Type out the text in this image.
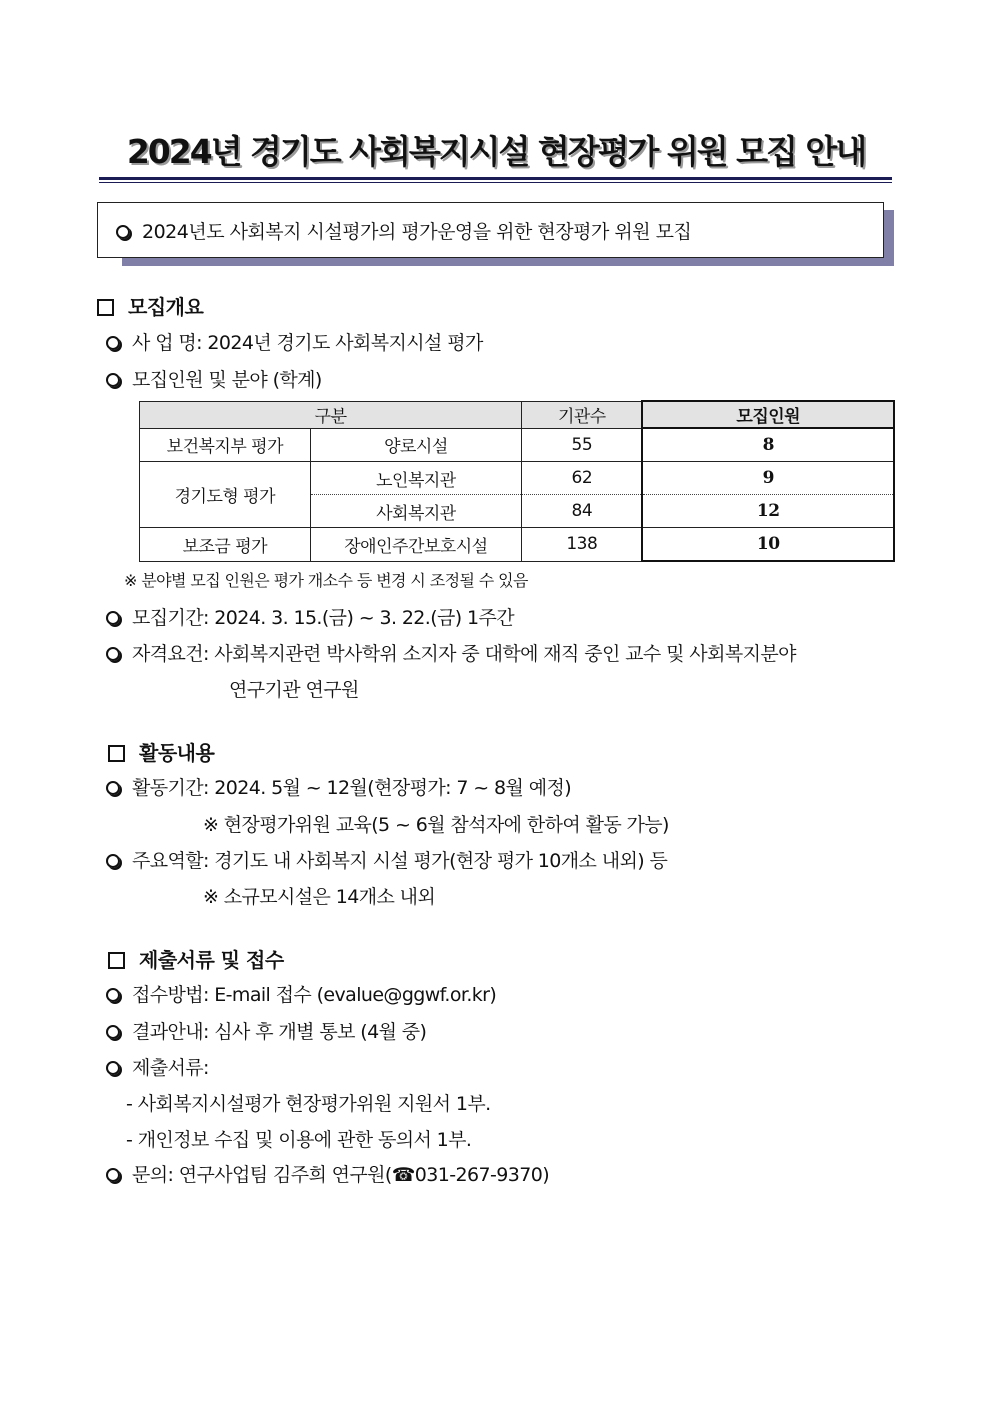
2024년 경기도 사회복지시설 현장평가 위원 모집 안내
2024년도 사회복지 시설평가의 평가운영을 위한 현장평가 위원 모집
모집개요
사 업 명: 2024년 경기도 사회복지시설 평가
모집인원 및 분야 (학계)
구분		기관수	모집인원
보건복지부 평가	양로시설	55	8
경기도형 평가	노인복지관	62	9
	사회복지관	84	12
보조금 평가	장애인주간보호시설	138	10
※ 분야별 모집 인원은 평가 개소수 등 변경 시 조정될 수 있음
모집기간: 2024. 3. 15.(금) ~ 3. 22.(금) 1주간
자격요건: 사회복지관련 박사학위 소지자 중 대학에 재직 중인 교수 및 사회복지분야
연구기관 연구원
활동내용
활동기간: 2024. 5월 ~ 12월(현장평가: 7 ~ 8월 예정)
※ 현장평가위원 교육(5 ~ 6월 참석자에 한하여 활동 가능)
주요역할: 경기도 내 사회복지 시설 평가(현장 평가 10개소 내외) 등
※ 소규모시설은 14개소 내외
제출서류 및 접수
접수방법: E-mail 접수 (evalue@ggwf.or.kr)
결과안내: 심사 후 개별 통보 (4월 중)
제출서류:
- 사회복지시설평가 현장평가위원 지원서 1부.
- 개인정보 수집 및 이용에 관한 동의서 1부.
문의: 연구사업팀 김주희 연구원(☎031-267-9370)
